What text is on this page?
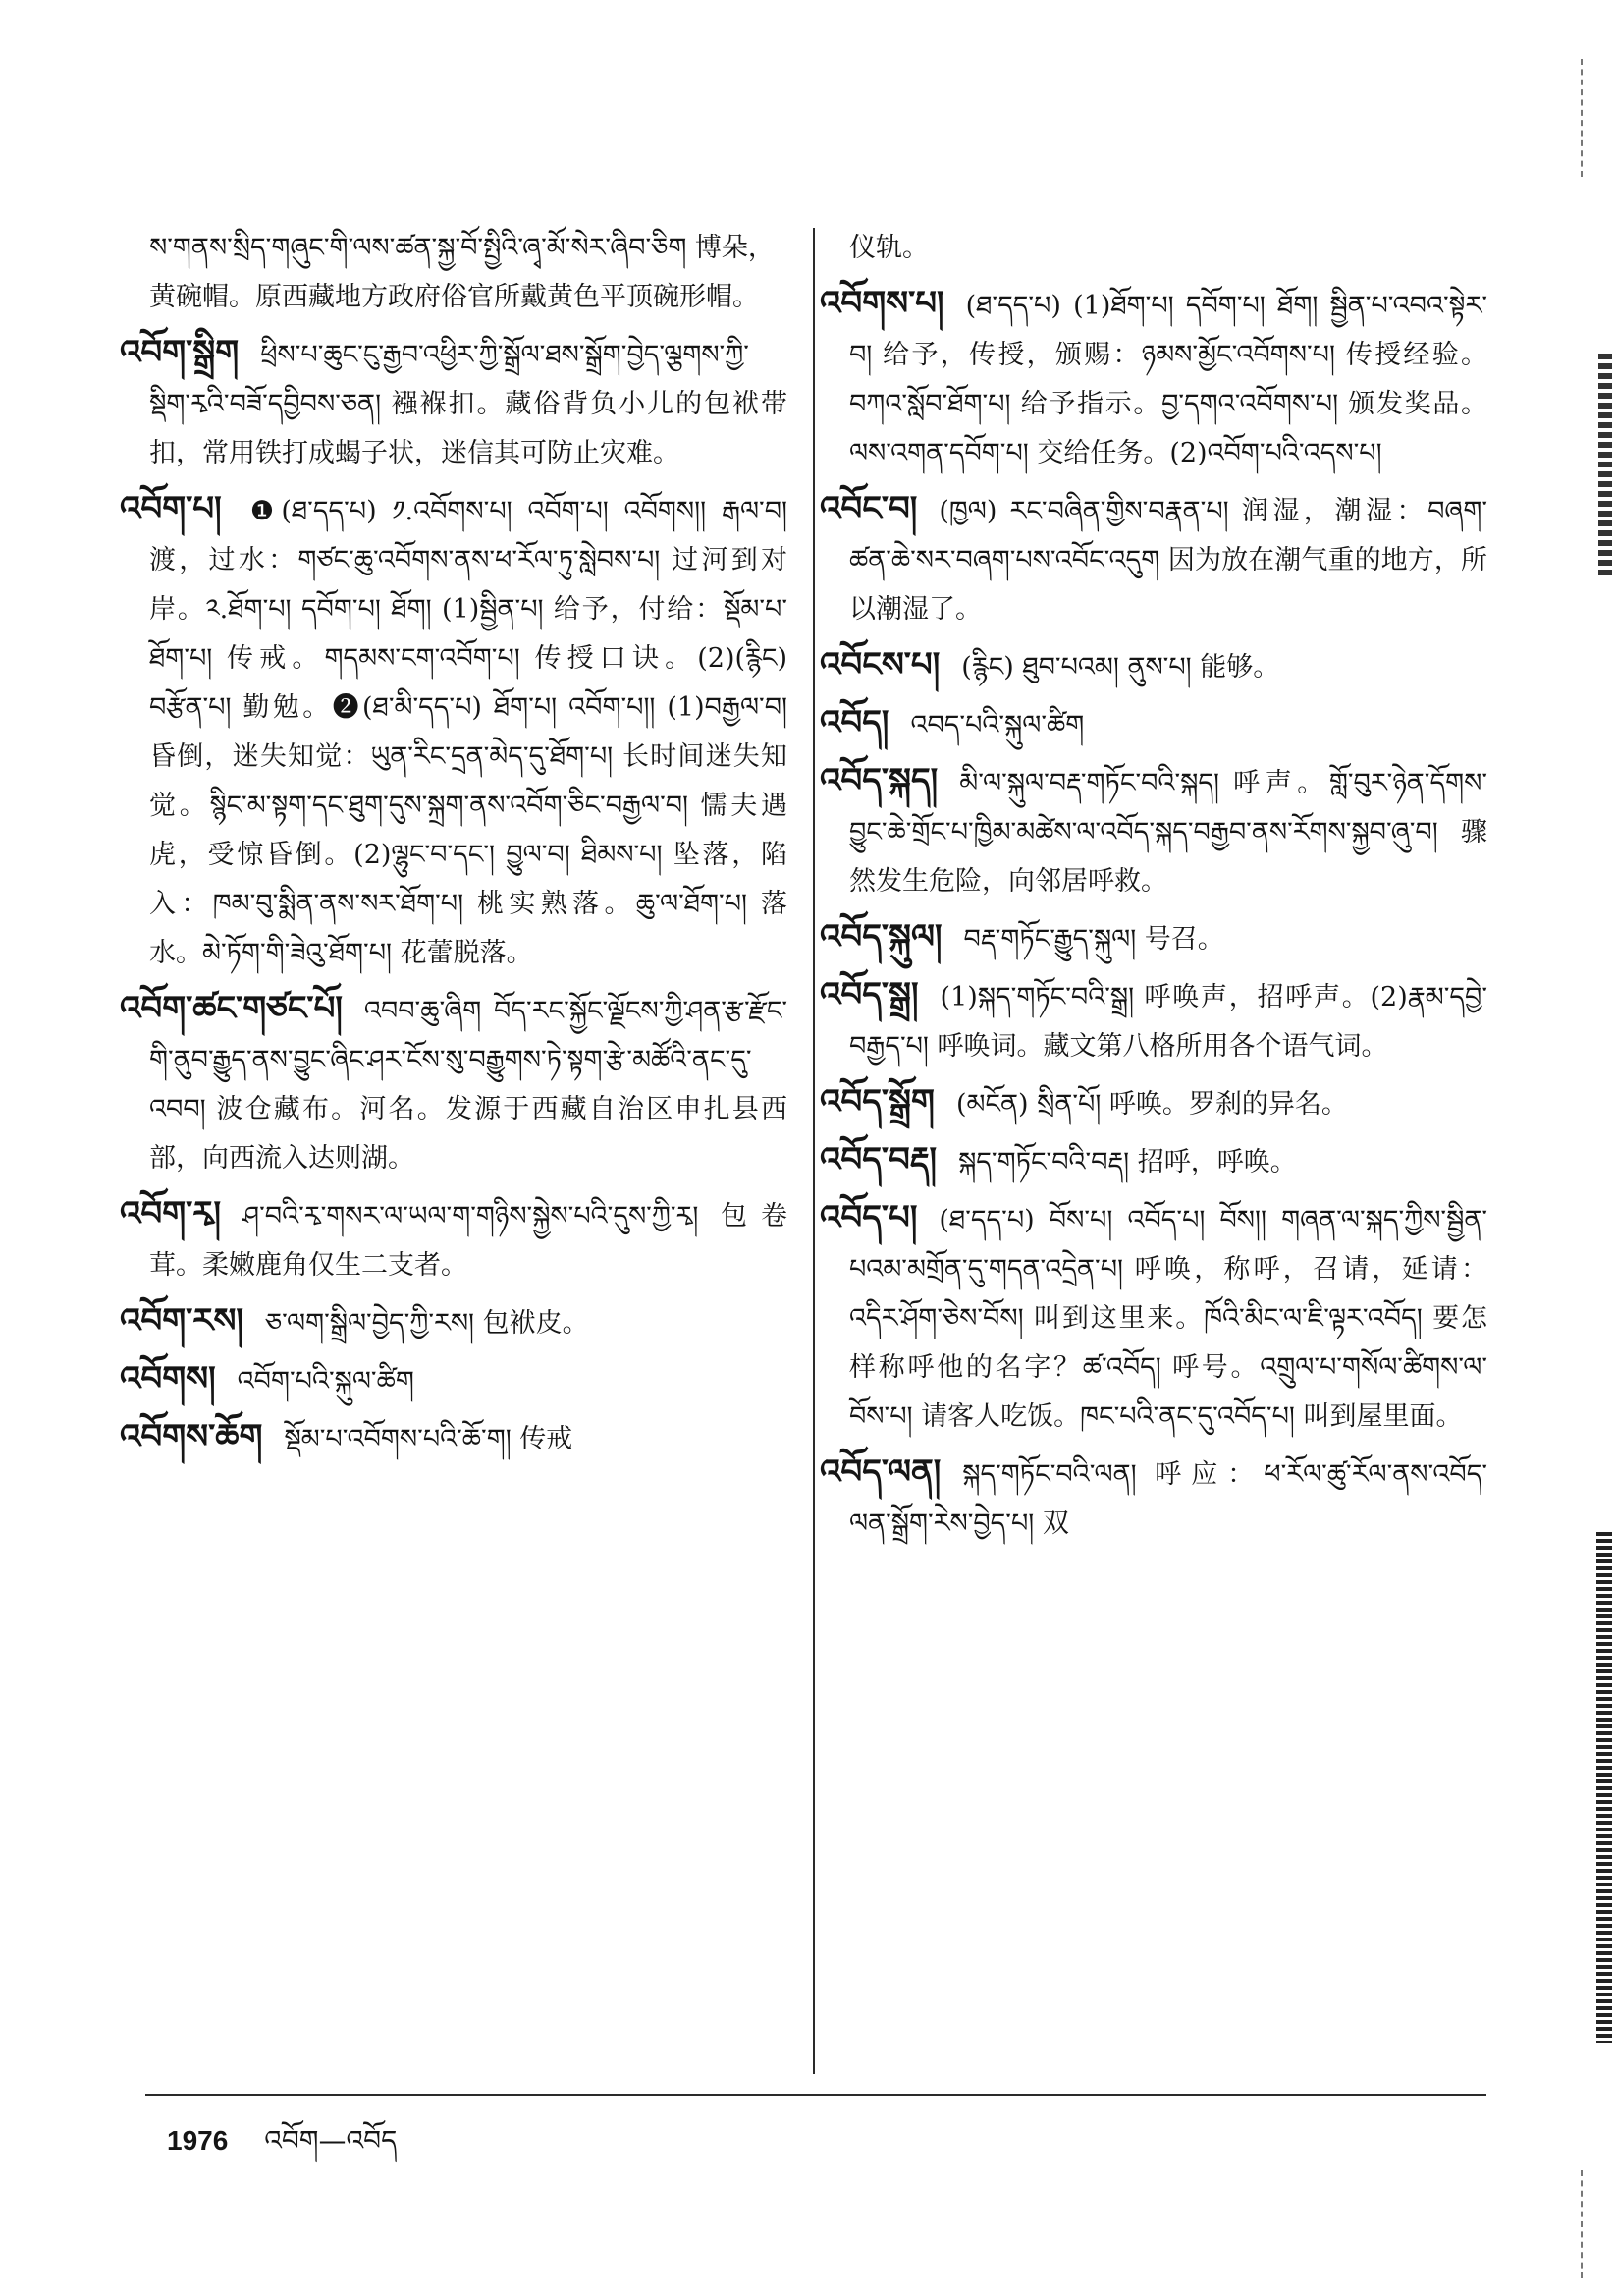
ས་གནས་སྲིད་གཞུང་གི་ལས་ཚན་སྐྱ་བོ་སྤྱིའི་ཞྭ་མོ་སེར་ཞིབ་ཅིག 博朵，黄碗帽。原西藏地方政府俗官所戴黄色平顶碗形帽。

འབོག་སྒྲིག ཕྲིས་པ་ཆུང་ངུ་རྒྱབ་འཕྱིར་ཀྱི་སྒྲོལ་ཐས་སྒྲོག་བྱེད་ལྕགས་ཀྱི་སྡིག་རྭའི་བཟོ་དབྱིབས་ཅན། 襁褓扣。藏俗背负小儿的包袱带扣，常用铁打成蝎子状，迷信其可防止灾难。

འབོག་པ། ❶(ཐ་དད་པ) ༡.འབོགས་པ། འབོག་པ། འབོགས།། རྒལ་བ། 渡，过水：གཙང་ཆུ་འབོགས་ནས་ཕ་རོལ་ཏུ་སླེབས་པ། 过河到对岸。༢.ཐོག་པ། དབོག་པ། ཐོག། (1)སྦྱིན་པ། 给予，付给：སྡོམ་པ་ཐོག་པ། 传戒。གདམས་ངག་འབོག་པ། 传授口诀。(2)(རྙིང) བརྩོན་པ། 勤勉。❷(ཐ་མི་དད་པ) ཐོག་པ། འབོག་པ།། (1)བརྒྱལ་བ། 昏倒，迷失知觉：ཡུན་རིང་དྲན་མེད་དུ་ཐོག་པ། 长时间迷失知觉。སྙིང་མ་སྟག་དང་ཐུག་དུས་སྐྲག་ནས་འབོག་ཅིང་བརྒྱལ་བ། 懦夫遇虎，受惊昏倒。(2)ལྷུང་བ་དང་། བྱུལ་བ། ཐིམས་པ། 坠落，陷入：ཁམ་བུ་སྨིན་ནས་སར་ཐོག་པ། 桃实熟落。ཆུ་ལ་ཐོག་པ། 落水。མེ་ཏོག་གི་ཟེའུ་ཐོག་པ། 花蕾脱落。

འབོག་ཚང་གཙང་པོ། འབབ་ཆུ་ཞིག བོད་རང་སྐྱོང་ལྗོངས་ཀྱི་ཤན་རྩ་རྫོང་གི་ནུབ་རྒྱུད་ནས་བྱུང་ཞིང་ཤར་ངོས་སུ་བརྒྱུགས་ཏེ་སྟག་རྩེ་མཚོའི་ནང་དུ་འབབ། 波仓藏布。河名。发源于西藏自治区申扎县西部，向西流入达则湖。

འབོག་རྭ། ཤ་བའི་རྭ་གསར་ལ་ཡལ་ག་གཉིས་སྐྱེས་པའི་དུས་ཀྱི་རྭ། 包卷茸。柔嫩鹿角仅生二支者。

འབོག་རས། ཅ་ལག་སྒྲིལ་བྱེད་ཀྱི་རས། 包袱皮。

འབོགས། འབོག་པའི་སྐུལ་ཚིག

འབོགས་ཆོག སྡོམ་པ་འབོགས་པའི་ཆོ་ག། 传戒

仪轨。

འབོགས་པ། (ཐ་དད་པ) (1)ཐོག་པ། དབོག་པ། ཐོག། སྦྱིན་པ་འབའ་སྟེར་བ། 给予，传授，颁赐：ཉམས་མྱོང་འབོགས་པ། 传授经验。བཀའ་སློབ་ཐོག་པ། 给予指示。བྱ་དགའ་འབོགས་པ། 颁发奖品。ལས་འགན་དབོག་པ། 交给任务。(2)འབོག་པའི་འདས་པ།

འབོང་བ། (ཁྱལ) རང་བཞིན་གྱིས་བརྣན་པ། 润湿，潮湿：བཞག་ཚན་ཆེ་སར་བཞག་པས་འབོང་འདུག 因为放在潮气重的地方，所以潮湿了。

འབོངས་པ། (རྙིང) ཐུབ་པའམ། ནུས་པ། 能够。

འབོད། འབད་པའི་སྐུལ་ཚིག

འབོད་སྐད། མི་ལ་སྐུལ་བརྡ་གཏོང་བའི་སྐད། 呼声。གློ་བུར་ཉེན་དོགས་བྱུང་ཆེ་གྲོང་པ་ཁྱིམ་མཚེས་ལ་འབོད་སྐད་བརྒྱབ་ནས་རོགས་སྐྱབ་ཞུ་བ། 骤然发生危险，向邻居呼救。

འབོད་སྐུལ། བརྡ་གཏོང་རྒྱུད་སྐུལ། 号召。

འབོད་སྒྲ། (1)སྐད་གཏོང་བའི་སྒྲ། 呼唤声，招呼声。(2)རྣམ་དབྱེ་བརྒྱད་པ། 呼唤词。藏文第八格所用各个语气词。

འབོད་སྒྲོག (མངོན) སྲིན་པོ། 呼唤。罗刹的异名。

འབོད་བརྡ། སྐད་གཏོང་བའི་བརྡ། 招呼，呼唤。

འབོད་པ། (ཐ་དད་པ) བོས་པ། འབོད་པ། བོས།། གཞན་ལ་སྐད་ཀྱིས་སྦྱིན་པའམ་མགྲོན་དུ་གདན་འདྲེན་པ། 呼唤，称呼，召请，延请：འདིར་ཤོག་ཅེས་བོས། 叫到这里来。ཁོའི་མིང་ལ་ཇི་ལྟར་འབོད། 要怎样称呼他的名字？ཚ་འབོད། 呼号。འགྲུལ་པ་གསོལ་ཚིགས་ལ་བོས་པ། 请客人吃饭。ཁང་པའི་ནང་དུ་འབོད་པ། 叫到屋里面。

འབོད་ལན། སྐད་གཏོང་བའི་ལན། 呼应：ཕ་རོལ་ཚུ་རོལ་ནས་འབོད་ལན་སྒྲོག་རེས་བྱེད་པ། 双

1976 འབོག—འབོད
